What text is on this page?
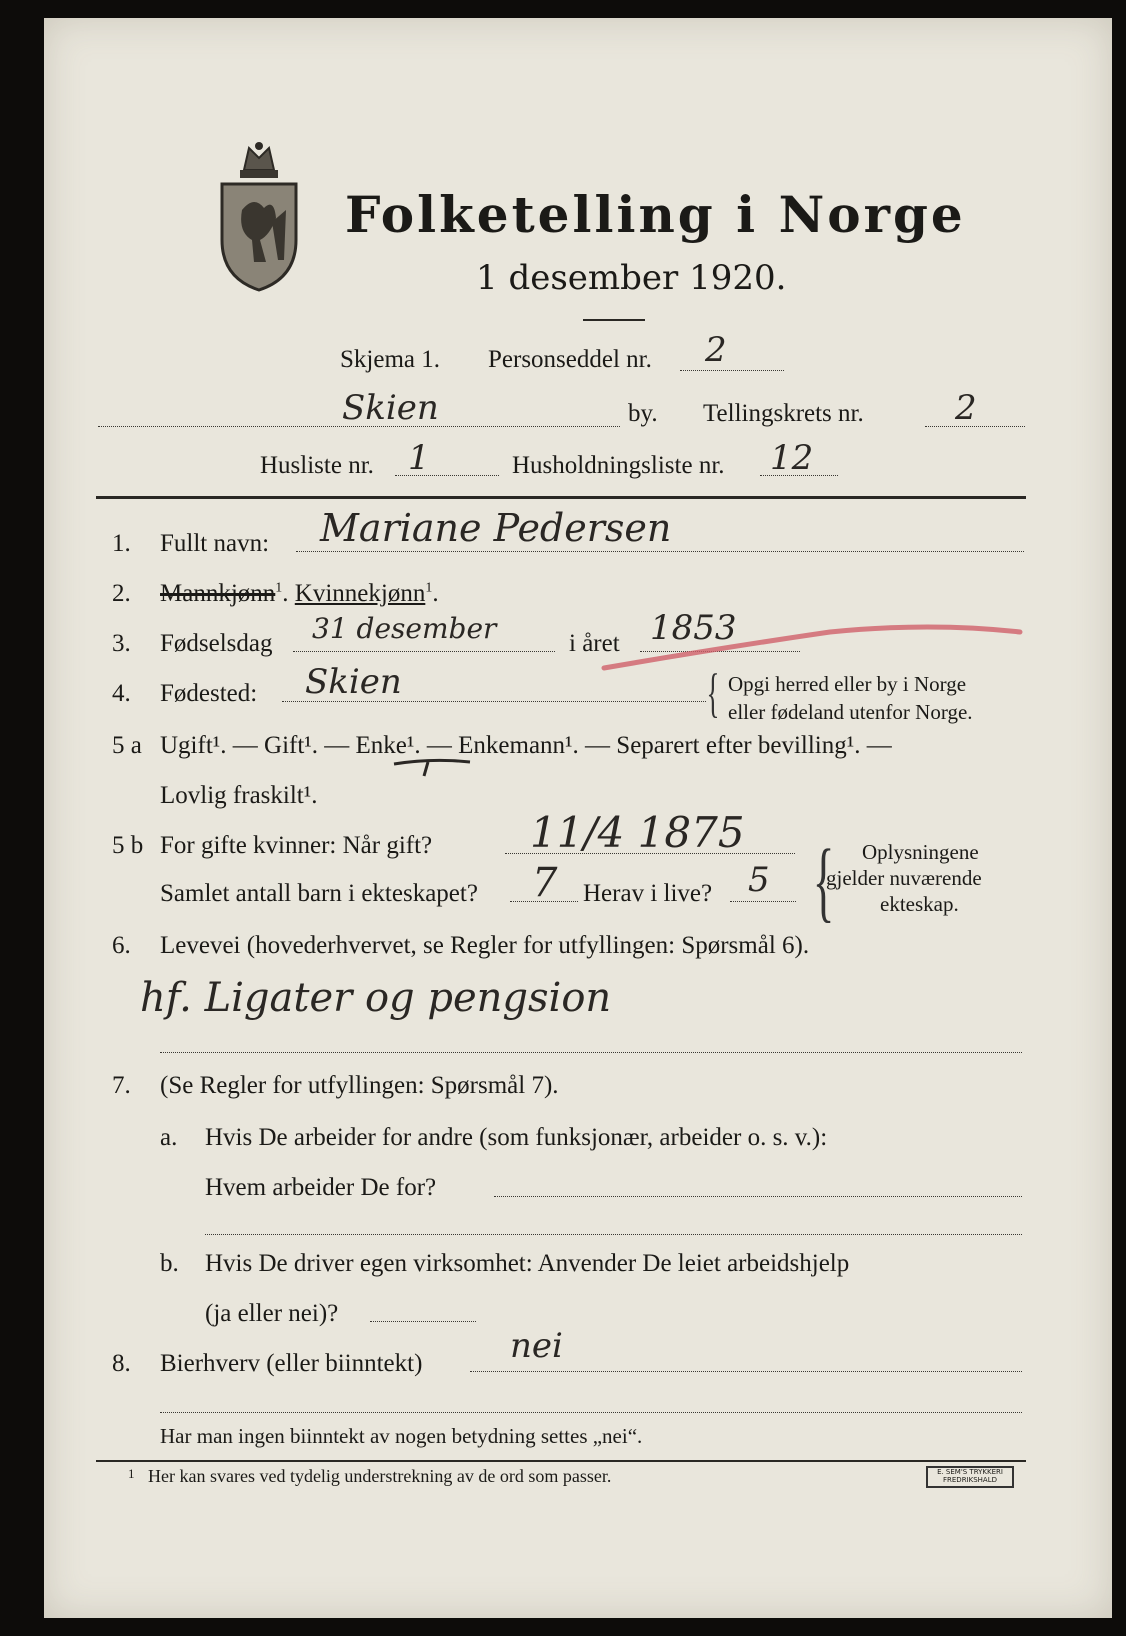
Folketelling i Norge
1 desember 1920.
Skjema 1. Personseddel nr. 2
Skien	by. Tellingskrets nr.	2
Husliste nr. 1	Husholdningsliste nr. 12
1. Fullt navn: Mariane Pedersen
2. Mannkjønn$^1$. Kvinnekjønn$^1$.
3. Fødselsdag 31 desember	i året 1853
4. Fødested: Skien	{ Opgi herred eller by i Norge
eller fødeland utenfor Norge.
5 a Ugift¹. — Gift¹. — Enke¹. — Enkemann¹. — Separert efter bevilling¹. —
Lovlig fraskilt¹.
5 b For gifte kvinner: Når gift? 11/4 1875
Samlet antall barn i ekteskapet? 7 Herav i live? 5 { Oplysningene
gjelder nuværende
ekteskap.
6. Levevei (hovederhvervet, se Regler for utfyllingen: Spørsmål 6).
hf. Ligater og pengsion
7. (Se Regler for utfyllingen: Spørsmål 7).
a. Hvis De arbeider for andre (som funksjonær, arbeider o. s. v.):
Hvem arbeider De for?
b. Hvis De driver egen virksomhet: Anvender De leiet arbeidshjelp
(ja eller nei)?
8. Bierhverv (eller biinntekt)	nei
Har man ingen biinntekt av nogen betydning settes „nei“.
1 Her kan svares ved tydelig understrekning av de ord som passer.	E. SEM'S TRYKKERI FREDRIKSHALD
